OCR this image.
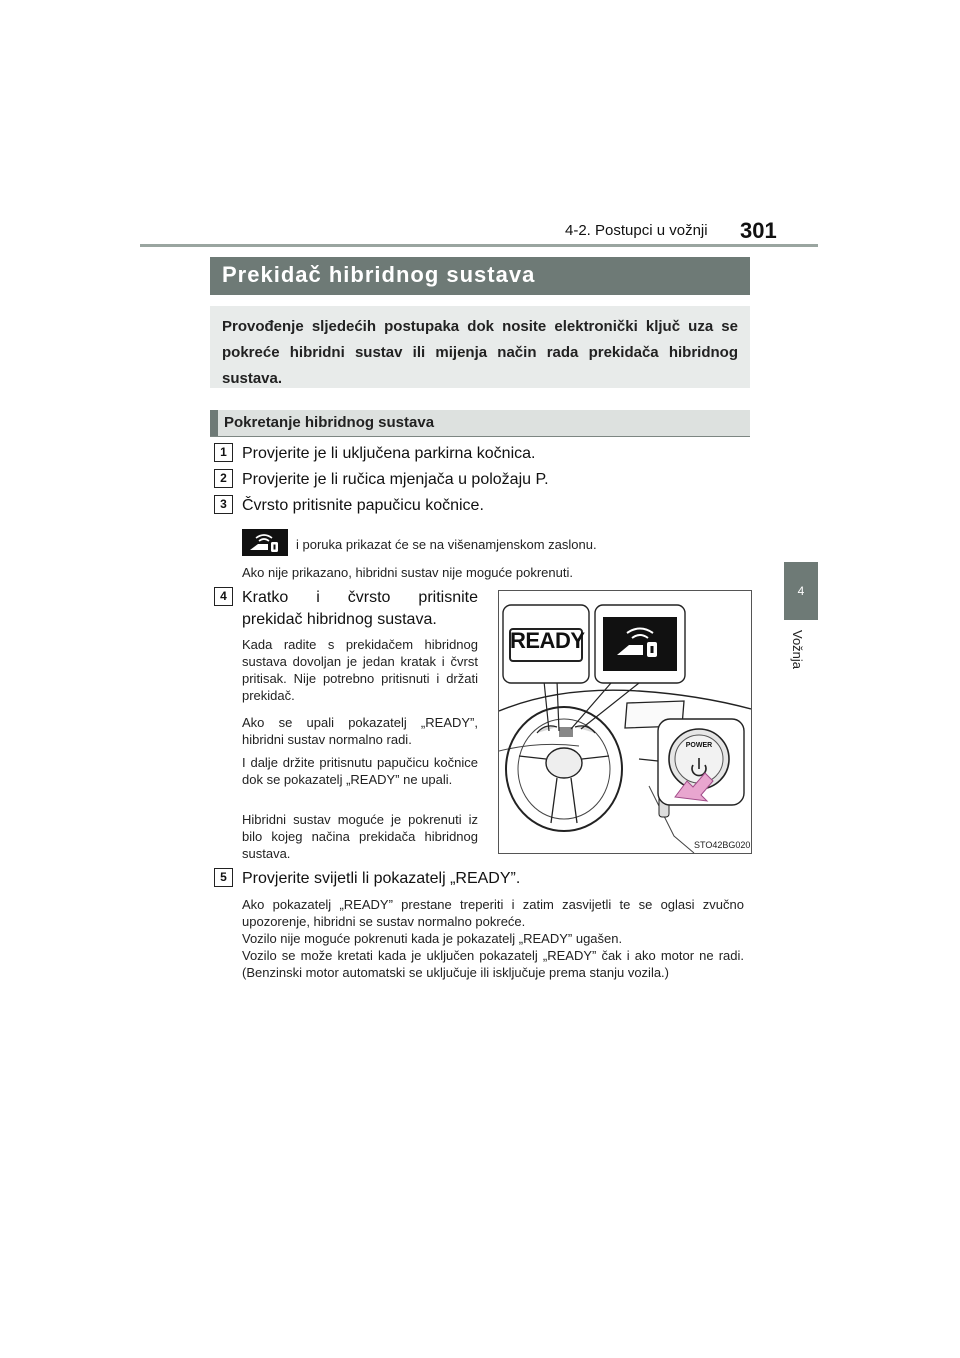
4-2. Postupci u vožnji 301
4
Vožnja
Prekidač hibridnog sustava
Provođenje sljedećih postupaka dok nosite elektronički ključ uza se pokreće hibridni sustav ili mijenja način rada prekidača hibridnog sustava.
Pokretanje hibridnog sustava
1 Provjerite je li uključena parkirna kočnica.
2 Provjerite je li ručica mjenjača u položaju P.
3 Čvrsto pritisnite papučicu kočnice.
i poruka prikazat će se na višenamjenskom zaslonu.
Ako nije prikazano, hibridni sustav nije moguće pokrenuti.
4 Kratko i čvrsto pritisnite
prekidač hibridnog sustava.
Kada radite s prekidačem hibridnog sustava dovoljan je jedan kratak i čvrst pritisak. Nije potrebno pritisnuti i držati prekidač.
Ako se upali pokazatelj „READY”, hibridni sustav normalno radi.
I dalje držite pritisnutu papučicu kočnice dok se pokazatelj „READY” ne upali.
Hibridni sustav moguće je pokrenuti iz bilo kojeg načina prekidača hibridnog sustava.
READY
POWER
STO42BG020
5 Provjerite svijetli li pokazatelj „READY”.
Ako pokazatelj „READY” prestane treperiti i zatim zasvijetli te se oglasi zvučno upozorenje, hibridni se sustav normalno pokreće.
Vozilo nije moguće pokrenuti kada je pokazatelj „READY” ugašen.
Vozilo se može kretati kada je uključen pokazatelj „READY” čak i ako motor ne radi. (Benzinski motor automatski se uključuje ili isključuje prema stanju vozila.)
